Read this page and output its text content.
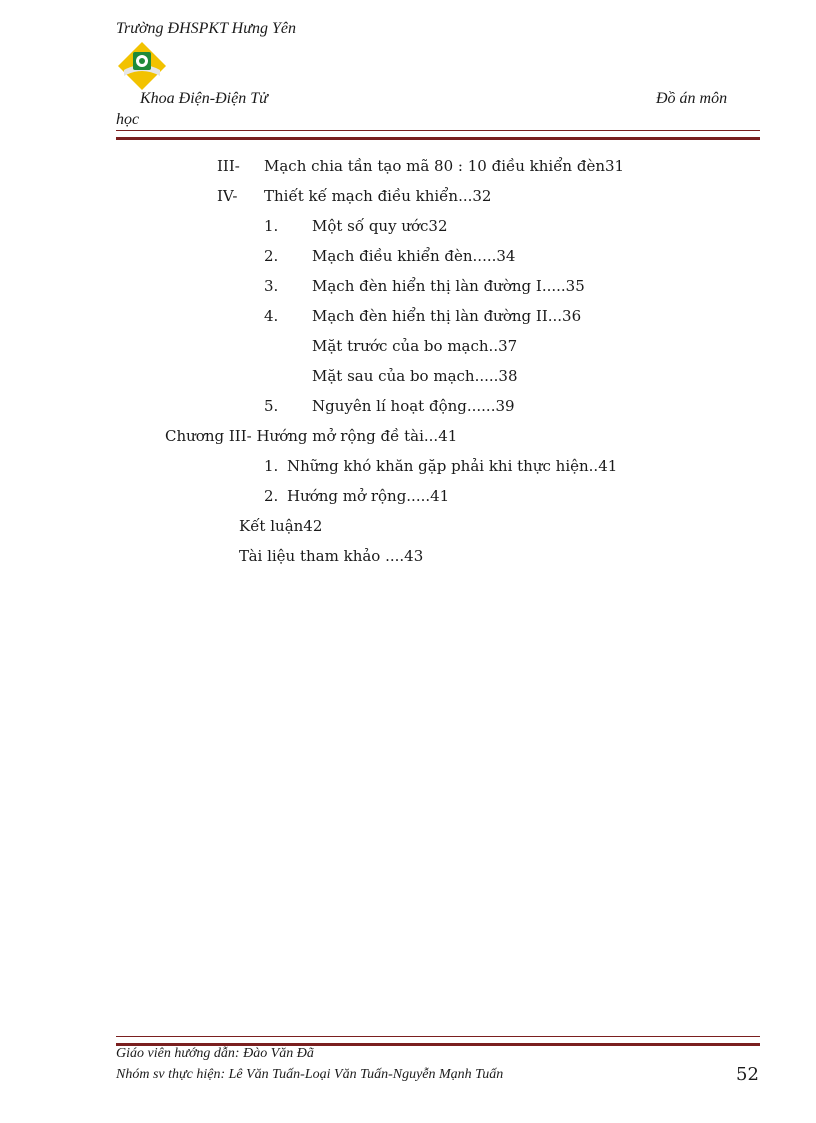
Trường ĐHSPKT Hưng Yên
Khoa Điện-Điện Tử	Đồ án môn
học
III- Mạch chia tần tạo mã 80 : 10 điều khiển đèn31
IV- Thiết kế mạch điều khiển...32
1. Một số quy ước32
2. Mạch điều khiển đèn.....34
3. Mạch đèn hiển thị làn đường I.....35
4. Mạch đèn hiển thị làn đường II...36
Mặt trước của bo mạch..37
Mặt sau của bo mạch.....38
5. Nguyên lí hoạt động......39
Chương III- Hướng mở rộng đề tài...41
1. Những khó khăn gặp phải khi thực hiện..41
2. Hướng mở rộng.....41
Kết luận42
Tài liệu tham khảo ....43
Giáo viên hướng dẫn: Đào Văn Đã
Nhóm sv thực hiện: Lê Văn Tuấn-Loại Văn Tuấn-Nguyễn Mạnh Tuấn	52
